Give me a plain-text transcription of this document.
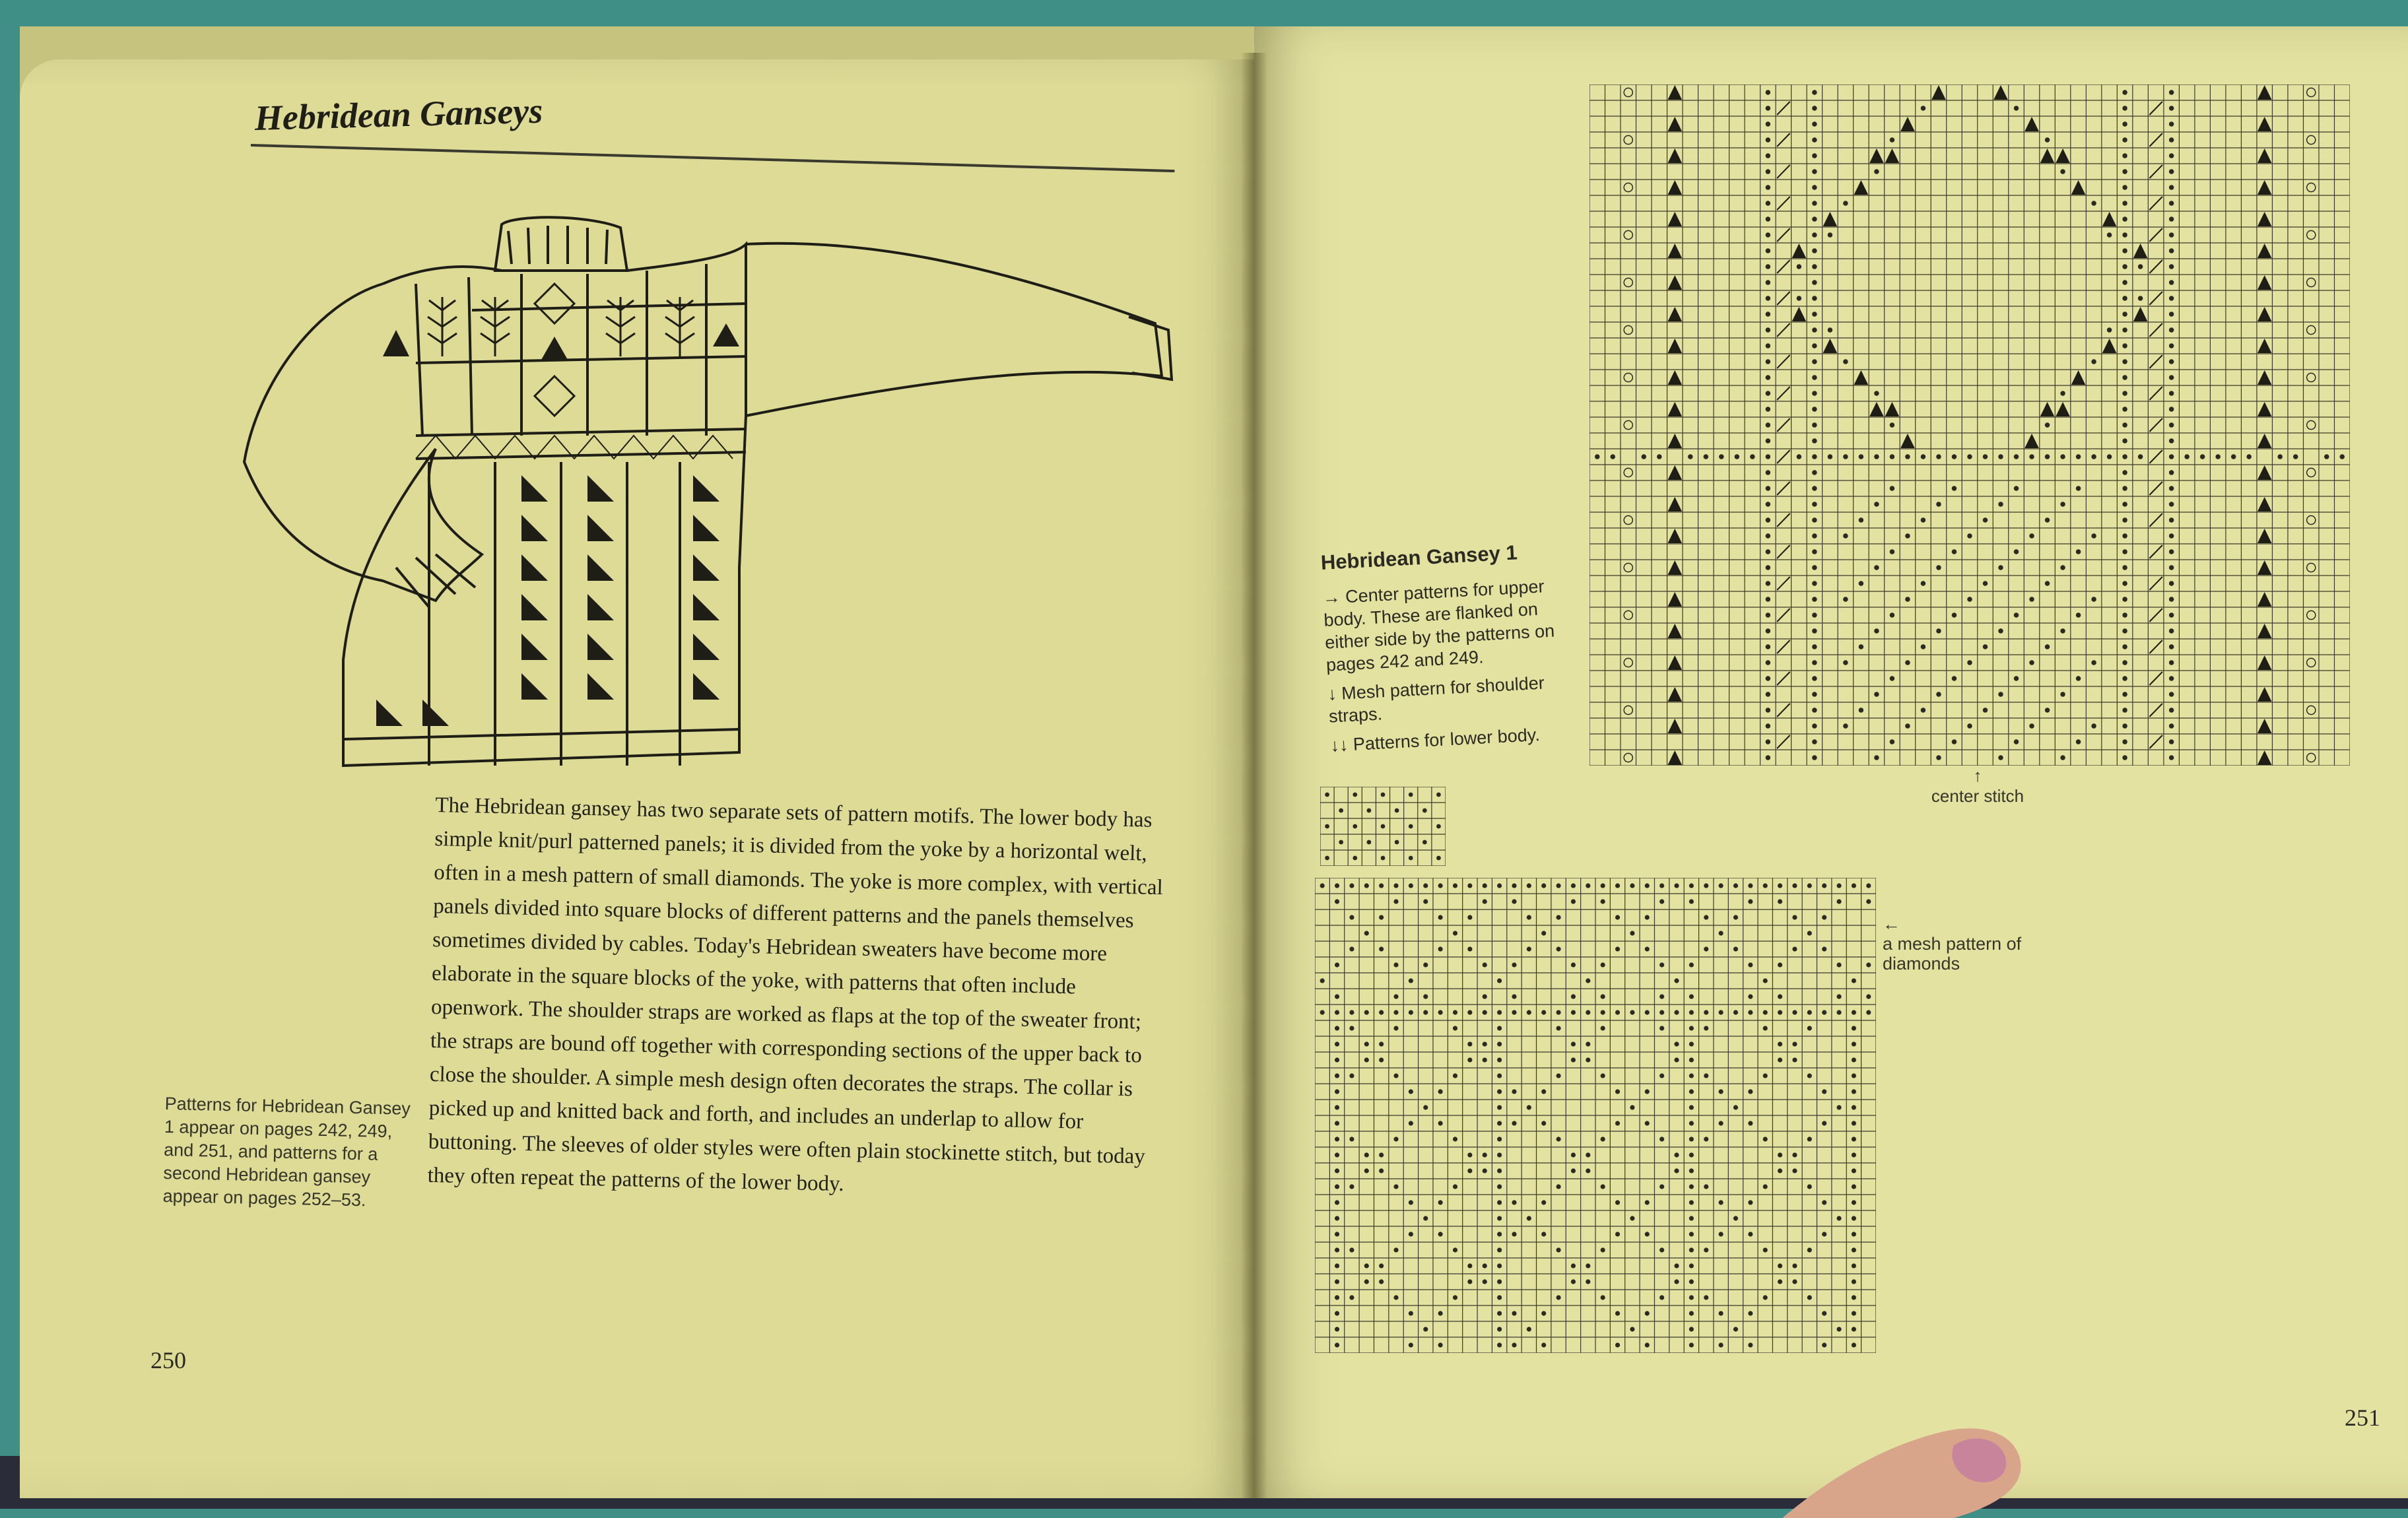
Hebridean Ganseys
The Hebridean gansey has two separate sets of pattern motifs. The lower body has simple knit/purl patterned panels; it is divided from the yoke by a horizontal welt, often in a mesh pattern of small diamonds. The yoke is more complex, with vertical panels divided into square blocks of different patterns and the panels themselves sometimes divided by cables. Today's Hebridean sweaters have become more elaborate in the square blocks of the yoke, with patterns that often include openwork. The shoulder straps are worked as flaps at the top of the sweater front; the straps are bound off together with corresponding sections of the upper back to close the shoulder. A simple mesh design often decorates the straps. The collar is picked up and knitted back and forth, and includes an underlap to allow for buttoning. The sleeves of older styles were often plain stockinette stitch, but today they often repeat the patterns of the lower body.
Patterns for Hebridean Gansey 1 appear on pages 242, 249, and 251, and patterns for a second Hebridean gansey appear on pages 252–53.
250
↑
center stitch
Hebridean Gansey 1

→ Center patterns for upper body. These are flanked on either side by the patterns on pages 242 and 249.

↓ Mesh pattern for shoulder straps.

↓↓ Patterns for lower body.

←
a mesh pattern of diamonds
251
